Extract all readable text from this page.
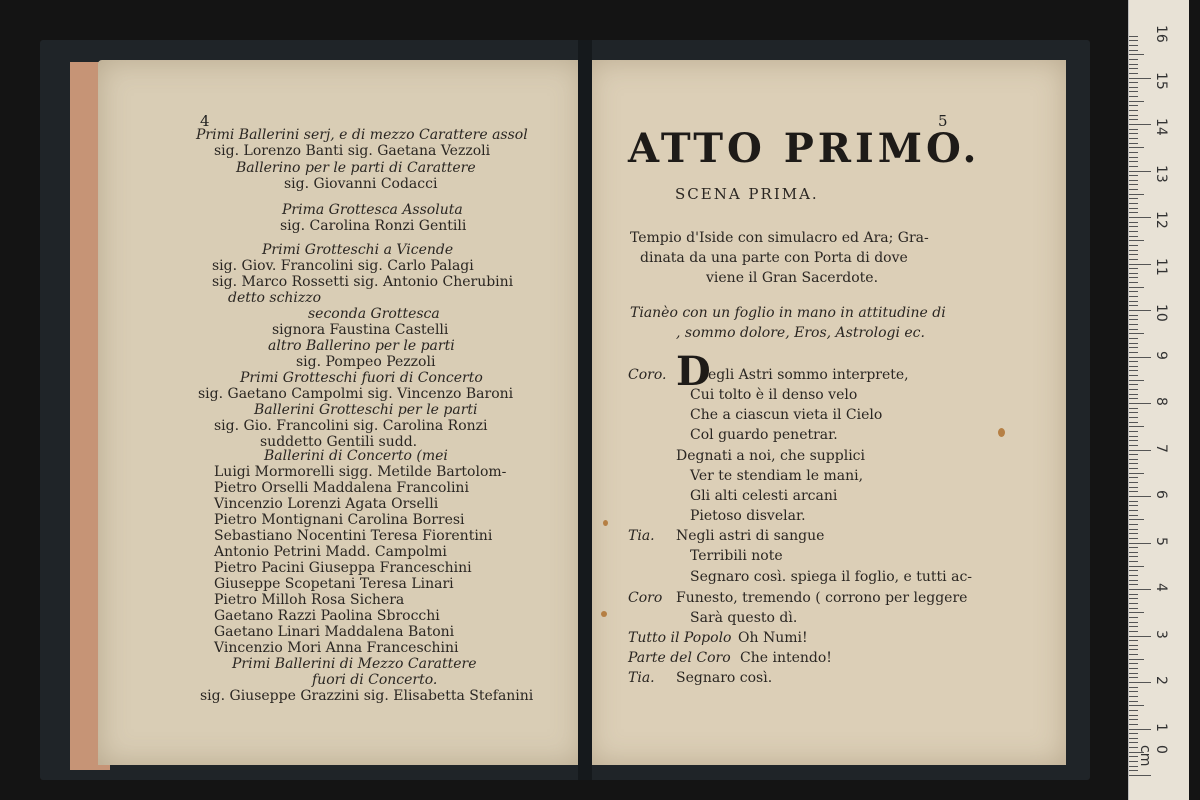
4	5
Primi Ballerini serj, e di mezzo Carattere assol
sig. Lorenzo Banti sig. Gaetana Vezzoli
Ballerino per le parti di Carattere
sig. Giovanni Codacci
Prima Grottesca Assoluta
sig. Carolina Ronzi Gentili
Primi Grotteschi a Vicende
sig. Giov. Francolini sig. Carlo Palagi
sig. Marco Rossetti sig. Antonio Cherubini
detto schizzo
seconda Grottesca
signora Faustina Castelli
altro Ballerino per le parti
sig. Pompeo Pezzoli
Primi Grotteschi fuori di Concerto
sig. Gaetano Campolmi sig. Vincenzo Baroni
Ballerini Grotteschi per le parti
sig. Gio. Francolini sig. Carolina Ronzi
suddetto Gentili sudd.
Ballerini di Concerto (mei
Luigi Mormorelli sigg. Metilde Bartolom-
Pietro Orselli Maddalena Francolini
Vincenzio Lorenzi Agata Orselli
Pietro Montignani Carolina Borresi
Sebastiano Nocentini Teresa Fiorentini
Antonio Petrini Madd. Campolmi
Pietro Pacini Giuseppa Franceschini
Giuseppe Scopetani Teresa Linari
Pietro Milloh Rosa Sichera
Gaetano Razzi Paolina Sbrocchi
Gaetano Linari Maddalena Batoni
Vincenzio Mori Anna Franceschini
Primi Ballerini di Mezzo Carattere
fuori di Concerto.
sig. Giuseppe Grazzini sig. Elisabetta Stefanini
ATTO PRIMO.
SCENA PRIMA.
Tempio d'Iside con simulacro ed Ara; Gra-
dinata da una parte con Porta di dove
viene il Gran Sacerdote.
Tianèo con un foglio in mano in attitudine di
, sommo dolore, Eros, Astrologi ec.
D
Coro.	egli Astri sommo interprete,
Cui tolto è il denso velo
Che a ciascun vieta il Cielo
Col guardo penetrar.
Degnati a noi, che supplici
Ver te stendiam le mani,
Gli alti celesti arcani
Pietoso disvelar.
Tia. Negli astri di sangue
Terribili note
Segnaro così. spiega il foglio, e tutti ac-
Coro Funesto, tremendo ( corrono per leggere
Sarà questo dì.
Tutto il Popolo Oh Numi!
Parte del Coro Che intendo!
Tia. Segnaro così.
0 cm
1
2
3
4
5
6
7
8
9
10
11
12
13
14
15
16
